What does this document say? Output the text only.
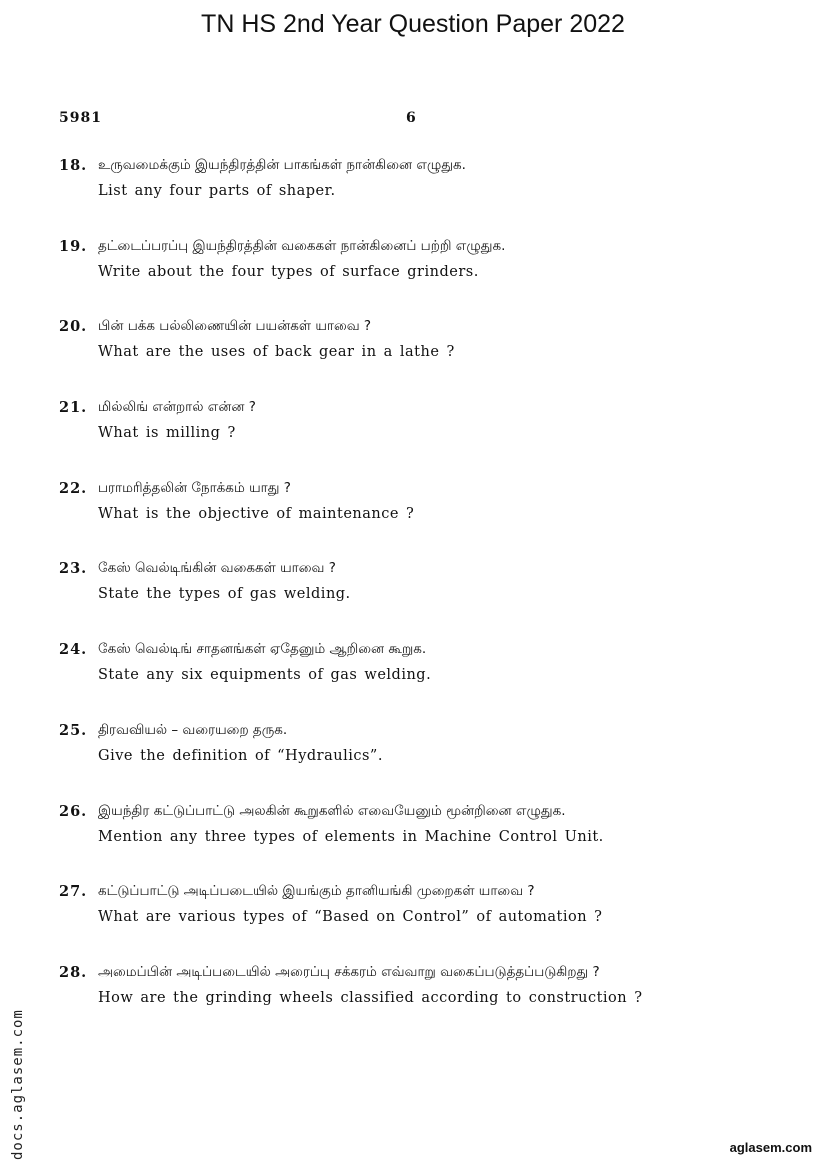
TN HS 2nd Year Question Paper 2022
5981	6
18. உருவமைக்கும் இயந்திரத்தின் பாகங்கள் நான்கினை எழுதுக.
List any four parts of shaper.
19. தட்டைப்பரப்பு இயந்திரத்தின் வகைகள் நான்கினைப் பற்றி எழுதுக.
Write about the four types of surface grinders.
20. பின் பக்க பல்லிணையின் பயன்கள் யாவை ?
What are the uses of back gear in a lathe ?
21. மில்லிங் என்றால் என்ன ?
What is milling ?
22. பராமரித்தலின் நோக்கம் யாது ?
What is the objective of maintenance ?
23. கேஸ் வெல்டிங்கின் வகைகள் யாவை ?
State the types of gas welding.
24. கேஸ் வெல்டிங் சாதனங்கள் ஏதேனும் ஆறினை கூறுக.
State any six equipments of gas welding.
25. திரவவியல் – வரையறை தருக.
Give the definition of “Hydraulics”.
26. இயந்திர கட்டுப்பாட்டு அலகின் கூறுகளில் எவையேனும் மூன்றினை எழுதுக.
Mention any three types of elements in Machine Control Unit.
27. கட்டுப்பாட்டு அடிப்படையில் இயங்கும் தானியங்கி முறைகள் யாவை ?
What are various types of “Based on Control” of automation ?
28. அமைப்பின் அடிப்படையில் அரைப்பு சக்கரம் எவ்வாறு வகைப்படுத்தப்படுகிறது ?
How are the grinding wheels classified according to construction ?
docs.aglasem.com	aglasem.com
